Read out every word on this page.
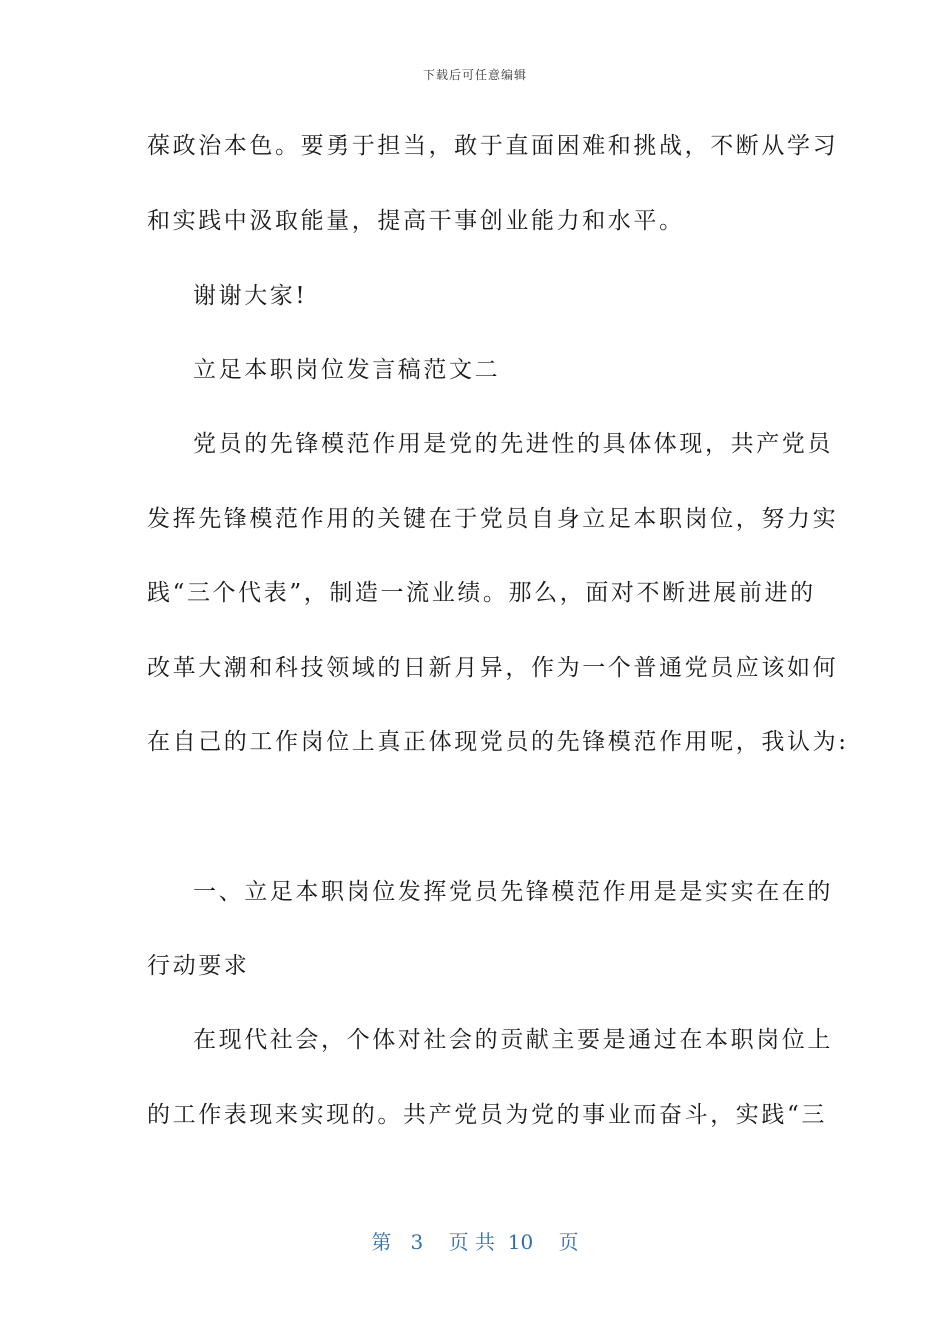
下载后可任意编辑
葆政治本色。要勇于担当，敢于直面困难和挑战，不断从学习
和实践中汲取能量，提高干事创业能力和水平。
谢谢大家!
立足本职岗位发言稿范文二
党员的先锋模范作用是党的先进性的具体体现，共产党员
发挥先锋模范作用的关键在于党员自身立足本职岗位，努力实
践“三个代表”，制造一流业绩。那么，面对不断进展前进的
改革大潮和科技领域的日新月异，作为一个普通党员应该如何
在自己的工作岗位上真正体现党员的先锋模范作用呢，我认为:
一、立足本职岗位发挥党员先锋模范作用是是实实在在的
行动要求
在现代社会，个体对社会的贡献主要是通过在本职岗位上
的工作表现来实现的。共产党员为党的事业而奋斗，实践“三
第 3 页 共 10 页
